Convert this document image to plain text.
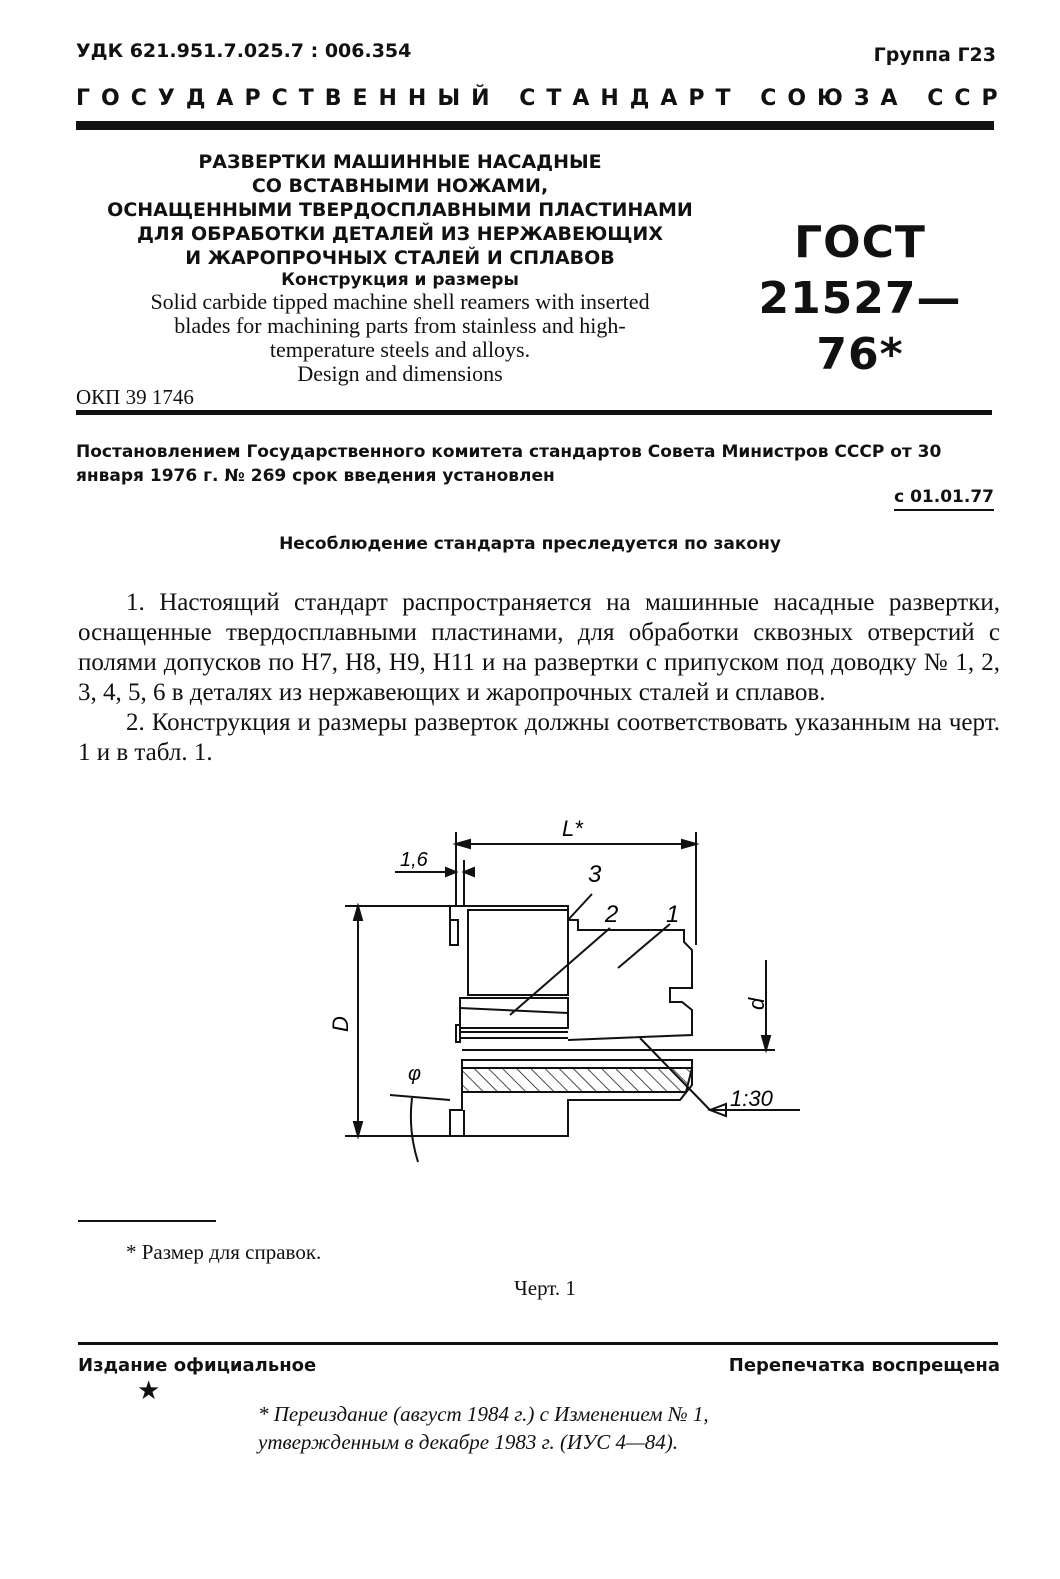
УДК 621.951.7.025.7 : 006.354	Группа Г23
ГОСУДАРСТВЕННЫЙ СТАНДАРТ СОЮЗА ССР
РАЗВЕРТКИ МАШИННЫЕ НАСАДНЫЕ
СО ВСТАВНЫМИ НОЖАМИ,
ОСНАЩЕННЫМИ ТВЕРДОСПЛАВНЫМИ ПЛАСТИНАМИ
ДЛЯ ОБРАБОТКИ ДЕТАЛЕЙ ИЗ НЕРЖАВЕЮЩИХ
И ЖАРОПРОЧНЫХ СТАЛЕЙ И СПЛАВОВ
Конструкция и размеры
Solid carbide tipped machine shell reamers with inserted
blades for machining parts from stainless and high-
temperature steels and alloys.
Design and dimensions
ГОСТ
21527—76*
ОКП 39 1746
Постановлением Государственного комитета стандартов Совета Министров СССР от 30 января 1976 г. № 269 срок введения установлен
с 01.01.77
Несоблюдение стандарта преследуется по закону

1. Настоящий стандарт распространяется на машинные насадные развертки, оснащенные твердосплавными пластинами, для обработки сквозных отверстий с полями допусков по Н7, Н8, Н9, Н11 и на развертки с припуском под доводку № 1, 2, 3, 4, 5, 6 в деталях из нержавеющих и жаропрочных сталей и сплавов.

2. Конструкция и размеры разверток должны соответствовать указанным на черт. 1 и в табл. 1.

L*
1,6
3
2 1
D
d
φ
1:30
* Размер для справок.
Черт. 1
Издание официальное	Перепечатка воспрещена
★
* Переиздание (август 1984 г.) с Изменением № 1,
утвержденным в декабре 1983 г. (ИУС 4—84).
